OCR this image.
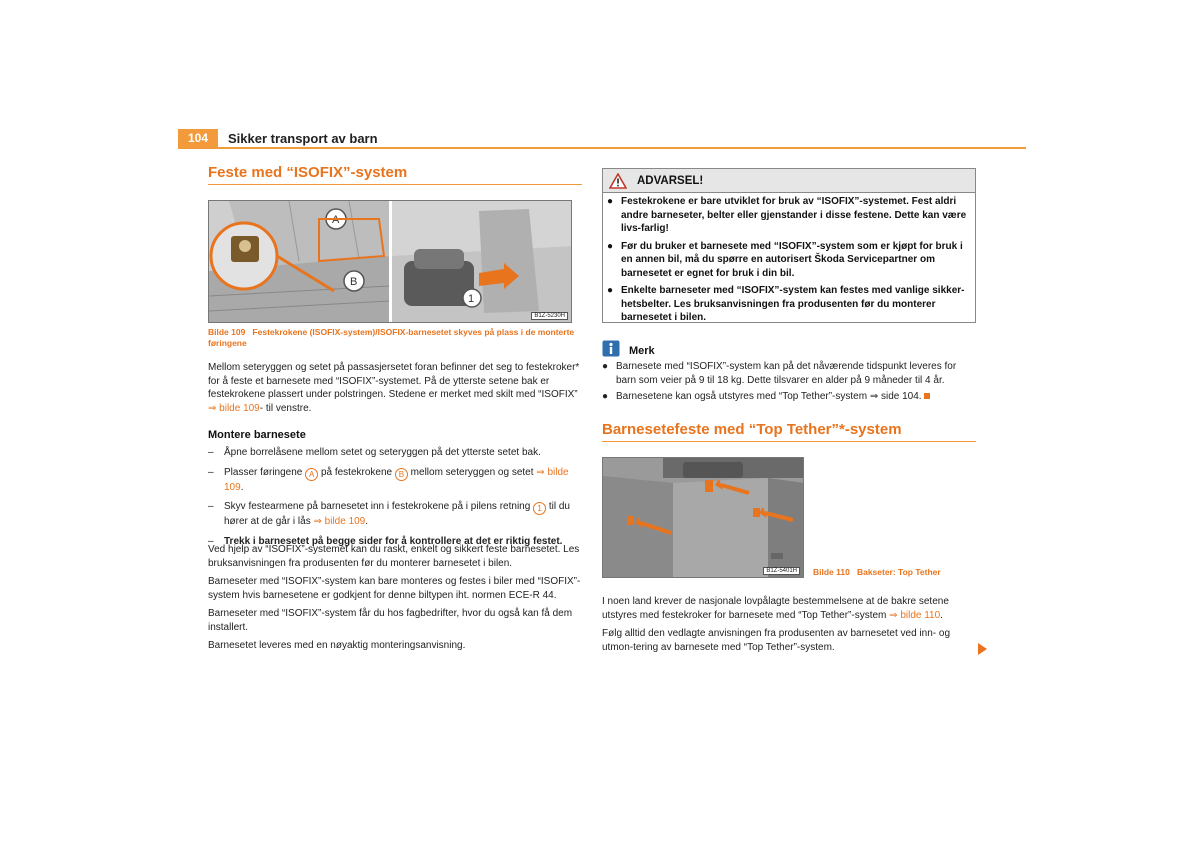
104	Sikker transport av barn
Feste med “ISOFIX”-system
A
B
1
B1Z-5230H
Bilde 109 Festekrokene (ISOFIX-system)/ISOFIX-barnesetet skyves på plass i de monterte føringene

Mellom seteryggen og setet på passasjersetet foran befinner det seg to festekroker* for å feste et barnesete med “ISOFIX”-systemet. På de ytterste setene bak er festekrokene plassert under polstringen. Stedene er merket med skilt med “ISOFIX” ⇒ bilde 109- til venstre.

Montere barnesete
–	Åpne borrelåsene mellom setet og seteryggen på det ytterste setet bak.
–	Plasser føringene A på festekrokene B mellom seteryggen og setet ⇒ bilde 109.
–	Skyv festearmene på barnesetet inn i festekrokene på i pilens retning 1 til du hører at de går i lås ⇒ bilde 109.
–	Trekk i barnesetet på begge sider for å kontrollere at det er riktig festet.

Ved hjelp av “ISOFIX”-systemet kan du raskt, enkelt og sikkert feste barnesetet. Les bruksanvisningen fra produsenten før du monterer barnesetet i bilen.

Barneseter med “ISOFIX”-system kan bare monteres og festes i biler med “ISOFIX”-system hvis barnesetene er godkjent for denne biltypen iht. normen ECE-R 44.

Barneseter med “ISOFIX”-system får du hos fagbedrifter, hvor du også kan få dem installert.

Barnesetet leveres med en nøyaktig monteringsanvisning.

ADVARSEL!
● Festekrokene er bare utviklet for bruk av “ISOFIX”-systemet. Fest aldri andre barneseter, belter eller gjenstander i disse festene. Dette kan være livs-farlig!
● Før du bruker et barnesete med “ISOFIX”-system som er kjøpt for bruk i en annen bil, må du spørre en autorisert Škoda Servicepartner om barnesetet er egnet for bruk i din bil.
● Enkelte barneseter med “ISOFIX”-system kan festes med vanlige sikker-hetsbelter. Les bruksanvisningen fra produsenten før du monterer barnesetet i bilen.
Merk
● Barnesete med “ISOFIX”-system kan på det nåværende tidspunkt leveres for barn som veier på 9 til 18 kg. Dette tilsvarer en alder på 9 måneder til 4 år.
● Barnesetene kan også utstyres med “Top Tether”-system ⇒ side 104.
Barnesetefeste med “Top Tether”*-system
B1Z-5401H	Bilde 110 Bakseter: Top Tether

I noen land krever de nasjonale lovpålagte bestemmelsene at de bakre setene utstyres med festekroker for barnesete med “Top Tether”-system ⇒ bilde 110.

Følg alltid den vedlagte anvisningen fra produsenten av barnesetet ved inn- og utmon-tering av barnesete med “Top Tether”-system.
